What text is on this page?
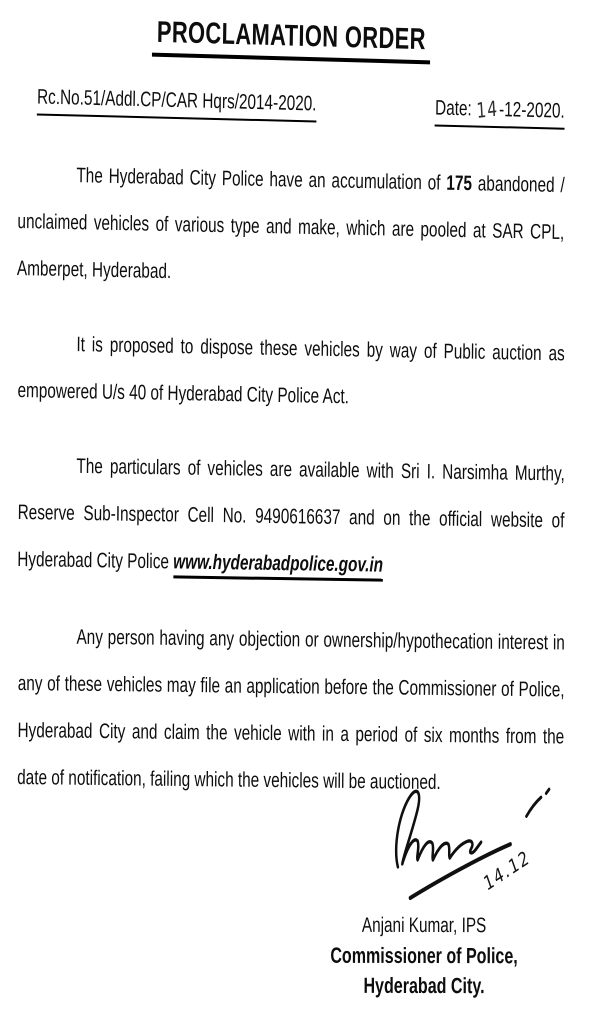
PROCLAMATION ORDER
Rc.No.51/Addl.CP/CAR Hqrs/2014-2020.	Date: 14-12-2020.

The Hyderabad City Police have an accumulation of 175 abandoned / unclaimed vehicles of various type and make, which are pooled at SAR CPL, Amberpet, Hyderabad.

It is proposed to dispose these vehicles by way of Public auction as empowered U/s 40 of Hyderabad City Police Act.

The particulars of vehicles are available with Sri I. Narsimha Murthy, Reserve Sub-Inspector Cell No. 9490616637 and on the official website of Hyderabad City Police www.hyderabadpolice.gov.in

Any person having any objection or ownership/hypothecation interest in any of these vehicles may file an application before the Commissioner of Police, Hyderabad City and claim the vehicle with in a period of six months from the date of notification, failing which the vehicles will be auctioned.

14.12
Anjani Kumar, IPS
Commissioner of Police,
Hyderabad City.
